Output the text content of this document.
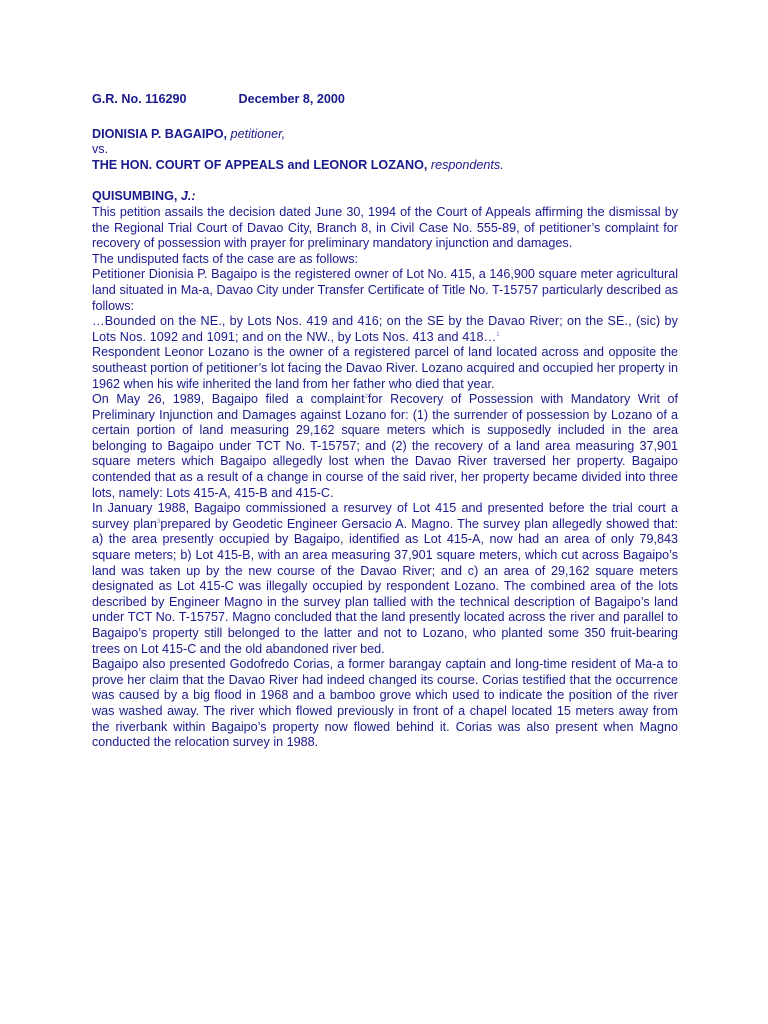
G.R. No. 116290	December 8, 2000
DIONISIA P. BAGAIPO, petitioner,
vs.
THE HON. COURT OF APPEALS and LEONOR LOZANO, respondents.
QUISUMBING, J.:

This petition assails the decision dated June 30, 1994 of the Court of Appeals affirming the dismissal by the Regional Trial Court of Davao City, Branch 8, in Civil Case No. 555-89, of petitioner’s complaint for recovery of possession with prayer for preliminary mandatory injunction and damages.

The undisputed facts of the case are as follows:

Petitioner Dionisia P. Bagaipo is the registered owner of Lot No. 415, a 146,900 square meter agricultural land situated in Ma-a, Davao City under Transfer Certificate of Title No. T-15757 particularly described as follows:

…Bounded on the NE., by Lots Nos. 419 and 416; on the SE by the Davao River; on the SE., (sic) by Lots Nos. 1092 and 1091; and on the NW., by Lots Nos. 413 and 418…$^1$

Respondent Leonor Lozano is the owner of a registered parcel of land located across and opposite the southeast portion of petitioner’s lot facing the Davao River. Lozano acquired and occupied her property in 1962 when his wife inherited the land from her father who died that year.

On May 26, 1989, Bagaipo filed a complaint$^2$for Recovery of Possession with Mandatory Writ of Preliminary Injunction and Damages against Lozano for: (1) the surrender of possession by Lozano of a certain portion of land measuring 29,162 square meters which is supposedly included in the area belonging to Bagaipo under TCT No. T-15757; and (2) the recovery of a land area measuring 37,901 square meters which Bagaipo allegedly lost when the Davao River traversed her property. Bagaipo contended that as a result of a change in course of the said river, her property became divided into three lots, namely: Lots 415-A, 415-B and 415-C.

In January 1988, Bagaipo commissioned a resurvey of Lot 415 and presented before the trial court a survey plan$^3$prepared by Geodetic Engineer Gersacio A. Magno. The survey plan allegedly showed that: a) the area presently occupied by Bagaipo, identified as Lot 415-A, now had an area of only 79,843 square meters; b) Lot 415-B, with an area measuring 37,901 square meters, which cut across Bagaipo’s land was taken up by the new course of the Davao River; and c) an area of 29,162 square meters designated as Lot 415-C was illegally occupied by respondent Lozano. The combined area of the lots described by Engineer Magno in the survey plan tallied with the technical description of Bagaipo’s land under TCT No. T-15757. Magno concluded that the land presently located across the river and parallel to Bagaipo’s property still belonged to the latter and not to Lozano, who planted some 350 fruit-bearing trees on Lot 415-C and the old abandoned river bed.

Bagaipo also presented Godofredo Corias, a former barangay captain and long-time resident of Ma-a to prove her claim that the Davao River had indeed changed its course. Corias testified that the occurrence was caused by a big flood in 1968 and a bamboo grove which used to indicate the position of the river was washed away. The river which flowed previously in front of a chapel located 15 meters away from the riverbank within Bagaipo’s property now flowed behind it. Corias was also present when Magno conducted the relocation survey in 1988.
